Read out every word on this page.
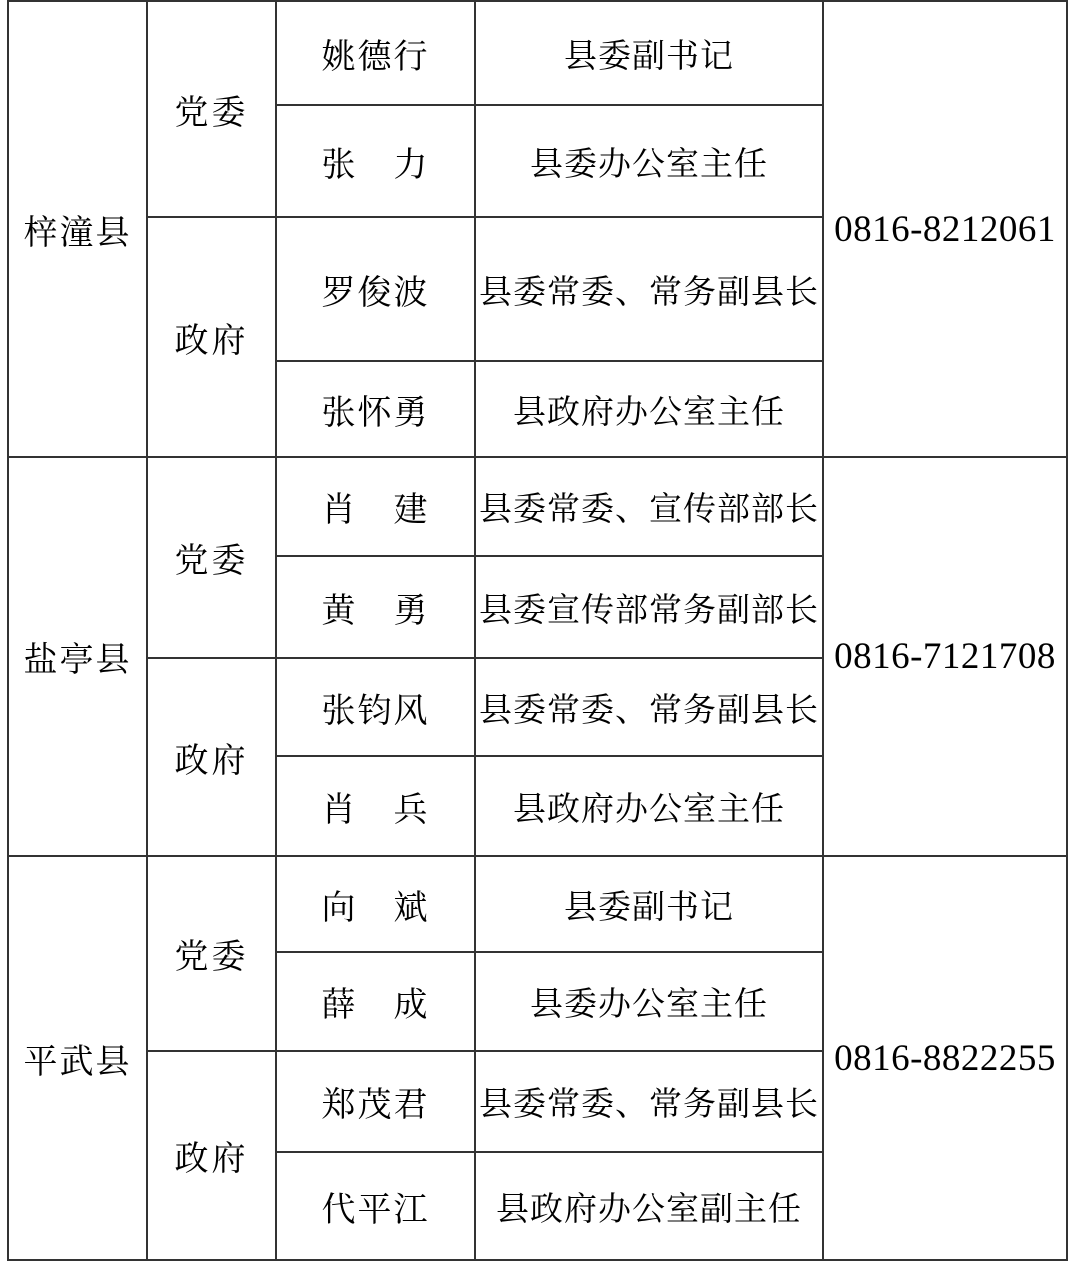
梓潼县	党委	姚德行	县委副书记	0816-8212061
		张　力	县委办公室主任	
	政府	罗俊波	县委常委、常务副县长	
		张怀勇	县政府办公室主任	
盐亭县	党委	肖　建	县委常委、宣传部部长	0816-7121708
		黄　勇	县委宣传部常务副部长	
	政府	张钧风	县委常委、常务副县长	
		肖　兵	县政府办公室主任	
平武县	党委	向　斌	县委副书记	0816-8822255
		薛　成	县委办公室主任	
	政府	郑茂君	县委常委、常务副县长	
		代平江	县政府办公室副主任	
